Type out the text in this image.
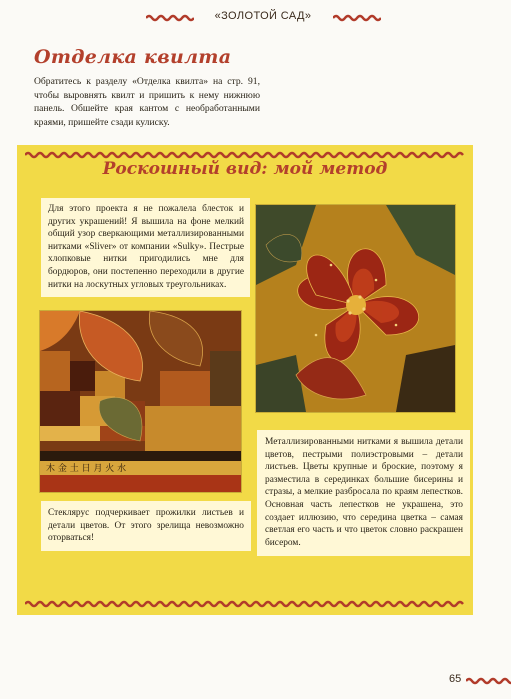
«ЗОЛОТОЙ САД»
Отделка квилта

Обратитесь к разделу «Отделка квилта» на стр. 91, чтобы выровнять квилт и пришить к нему нижнюю панель. Обшейте края кантом с необработанными краями, пришейте сзади кулиску.

Роскошный вид: мой метод

Для этого проекта я не пожалела блесток и других украшений! Я вышила на фоне мелкий общий узор сверкающими металлизированными нитками «Sliver» от компании «Sulky». Пестрые хлопковые нитки пригодились мне для бордюров, они постепенно переходили в другие нитки на лоскутных угловых треугольниках.

木 金 土 日 月 火 水

Металлизированными нитками я вышила детали цветов, пестрыми полиэстровыми – детали листьев. Цветы крупные и броские, поэтому я разместила в серединках большие бисерины и стразы, а мелкие разбросала по краям лепестков. Основная часть лепестков не украшена, это создает иллюзию, что середина цветка – самая светлая его часть и что цветок словно раскрашен бисером.

Стеклярус подчеркивает прожилки листьев и детали цветов. От этого зрелища невозможно оторваться!

65
